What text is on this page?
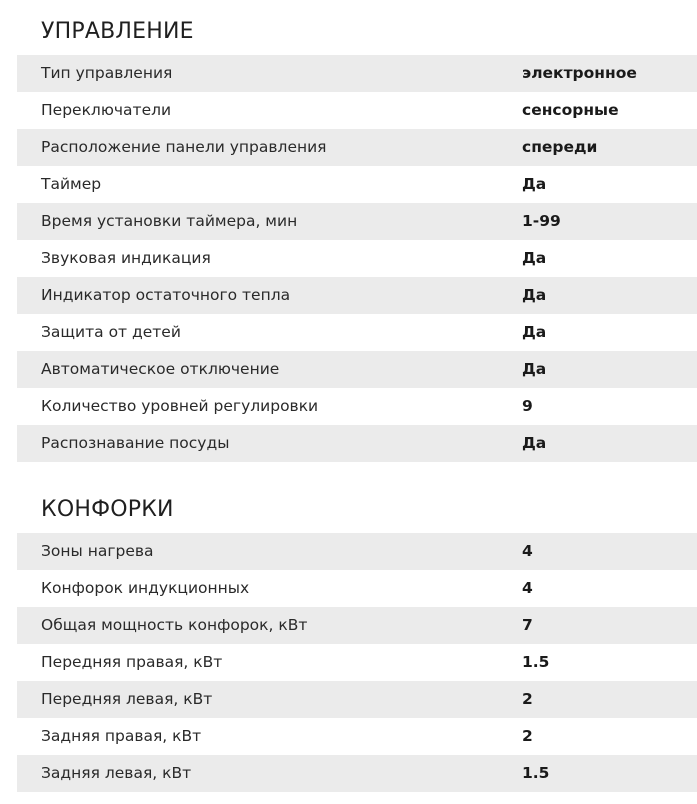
УПРАВЛЕНИЕ
Тип управления	электронное
Переключатели	сенсорные
Расположение панели управления	спереди
Таймер	Да
Время установки таймера, мин	1-99
Звуковая индикация	Да
Индикатор остаточного тепла	Да
Защита от детей	Да
Автоматическое отключение	Да
Количество уровней регулировки	9
Распознавание посуды	Да
КОНФОРКИ
Зоны нагрева	4
Конфорок индукционных	4
Общая мощность конфорок, кВт	7
Передняя правая, кВт	1.5
Передняя левая, кВт	2
Задняя правая, кВт	2
Задняя левая, кВт	1.5
